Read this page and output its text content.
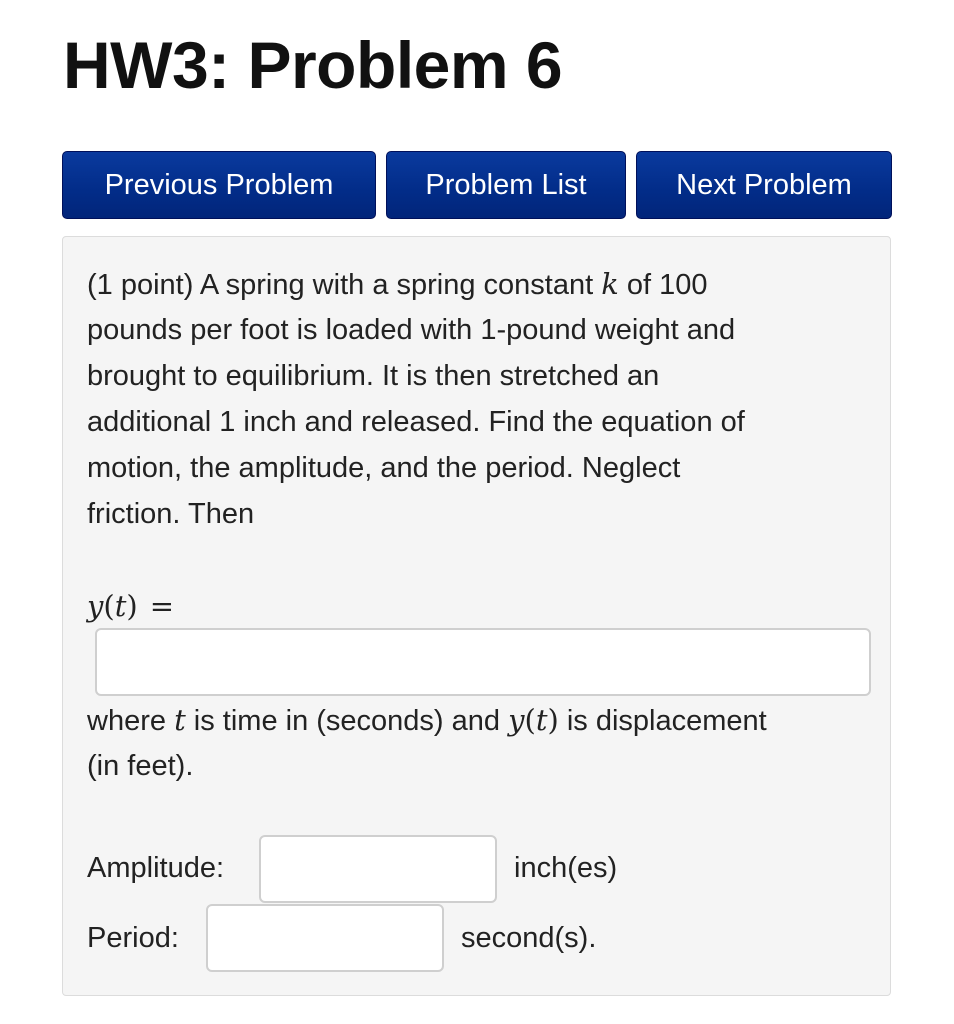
HW3: Problem 6
Previous Problem	Problem List	Next Problem
(1 point) A spring with a spring constant k of 100
pounds per foot is loaded with 1-pound weight and
brought to equilibrium. It is then stretched an
additional 1 inch and released. Find the equation of
motion, the amplitude, and the period. Neglect
friction. Then
y(t) =
where t is time in (seconds) and y(t) is displacement
(in feet).
Amplitude:	inch(es)
Period:	second(s).
